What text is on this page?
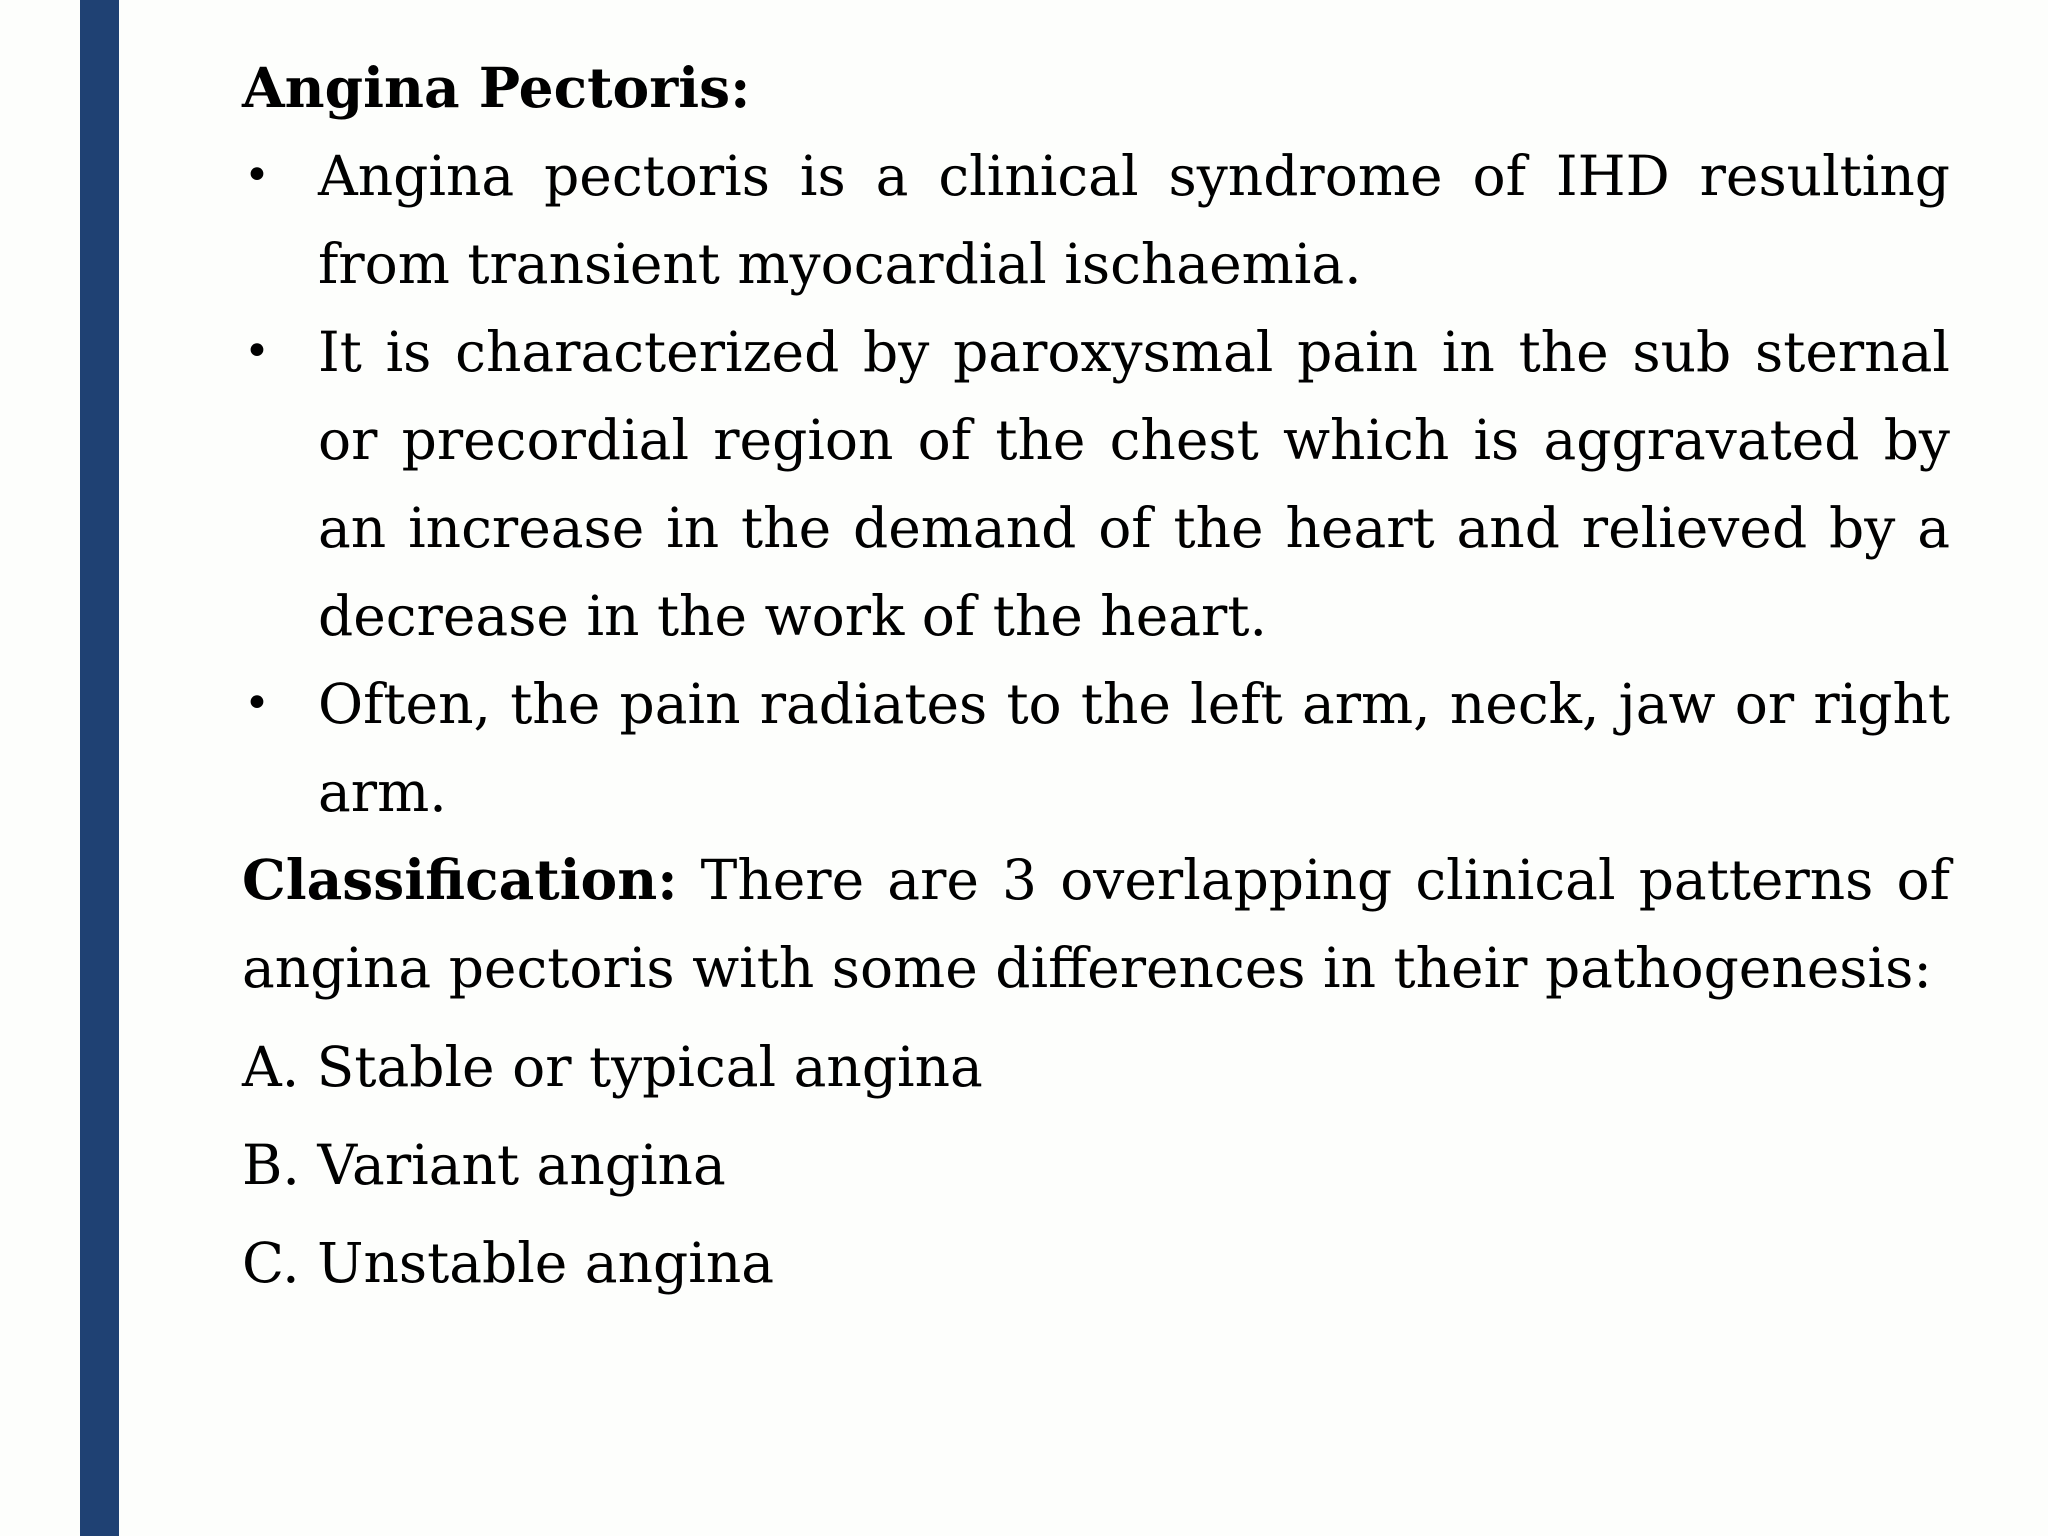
Angina Pectoris:

• Angina pectoris is a clinical syndrome of IHD resulting from transient myocardial ischaemia.
• It is characterized by paroxysmal pain in the sub sternal or precordial region of the chest which is aggravated by an increase in the demand of the heart and relieved by a decrease in the work of the heart.
• Often, the pain radiates to the left arm, neck, jaw or right arm.

Classification: There are 3 overlapping clinical patterns of angina pectoris with some differences in their pathogenesis:

A. Stable or typical angina
B. Variant angina
C. Unstable angina
